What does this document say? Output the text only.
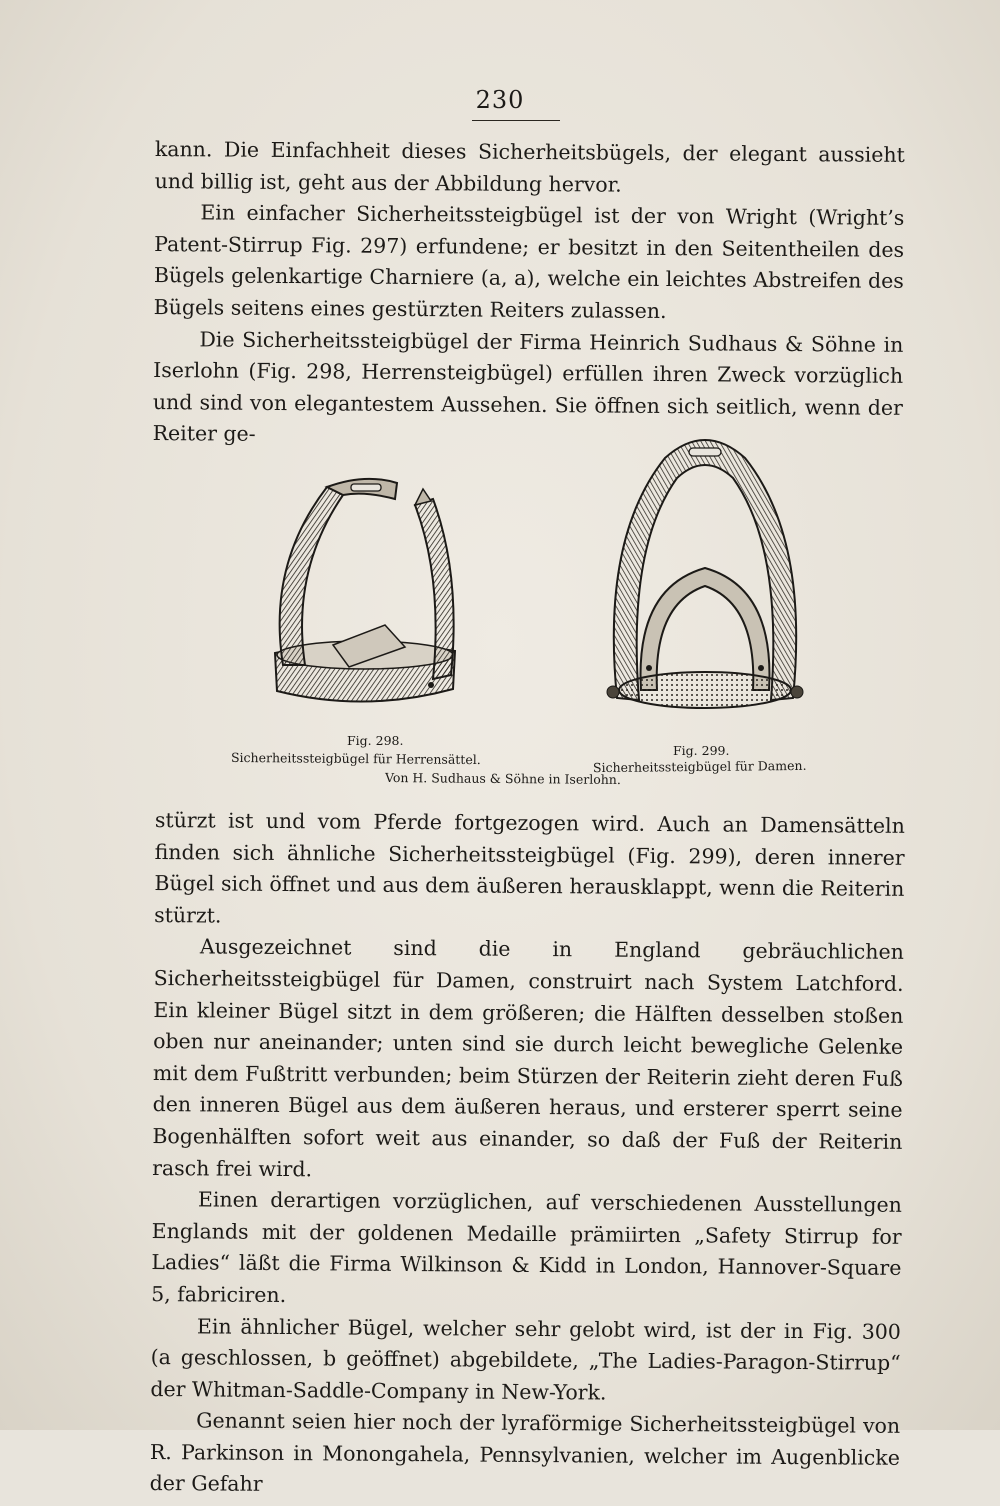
230

kann. Die Einfachheit dieses Sicherheitsbügels, der elegant aussieht und billig ist, geht aus der Abbildung hervor.

Ein einfacher Sicherheitssteigbügel ist der von Wright (Wright’s Patent-Stirrup Fig. 297) erfundene; er besitzt in den Seitentheilen des Bügels gelenkartige Charniere (a, a), welche ein leichtes Abstreifen des Bügels seitens eines gestürzten Reiters zulassen.

Die Sicherheitssteigbügel der Firma Heinrich Sudhaus & Söhne in Iserlohn (Fig. 298, Herrensteigbügel) erfüllen ihren Zweck vorzüglich und sind von elegantestem Aussehen. Sie öffnen sich seitlich, wenn der Reiter ge-

Fig. 298.
Sicherheitssteigbügel für Herrensättel.	Fig. 299.
Sicherheitssteigbügel für Damen.
Von H. Sudhaus & Söhne in Iserlohn.

stürzt ist und vom Pferde fortgezogen wird. Auch an Damensätteln finden sich ähnliche Sicherheitssteigbügel (Fig. 299), deren innerer Bügel sich öffnet und aus dem äußeren herausklappt, wenn die Reiterin stürzt.

Ausgezeichnet sind die in England gebräuchlichen Sicherheitssteigbügel für Damen, construirt nach System Latchford. Ein kleiner Bügel sitzt in dem größeren; die Hälften desselben stoßen oben nur aneinander; unten sind sie durch leicht bewegliche Gelenke mit dem Fußtritt verbunden; beim Stürzen der Reiterin zieht deren Fuß den inneren Bügel aus dem äußeren heraus, und ersterer sperrt seine Bogenhälften sofort weit aus einander, so daß der Fuß der Reiterin rasch frei wird.

Einen derartigen vorzüglichen, auf verschiedenen Ausstellungen Englands mit der goldenen Medaille prämiirten „Safety Stirrup for Ladies“ läßt die Firma Wilkinson & Kidd in London, Hannover-Square 5, fabriciren.

Ein ähnlicher Bügel, welcher sehr gelobt wird, ist der in Fig. 300 (a geschlossen, b geöffnet) abgebildete, „The Ladies-Paragon-Stirrup“ der Whitman-Saddle-Company in New-York.

Genannt seien hier noch der lyraförmige Sicherheitssteigbügel von R. Parkinson in Monongahela, Pennsylvanien, welcher im Augenblicke der Gefahr
